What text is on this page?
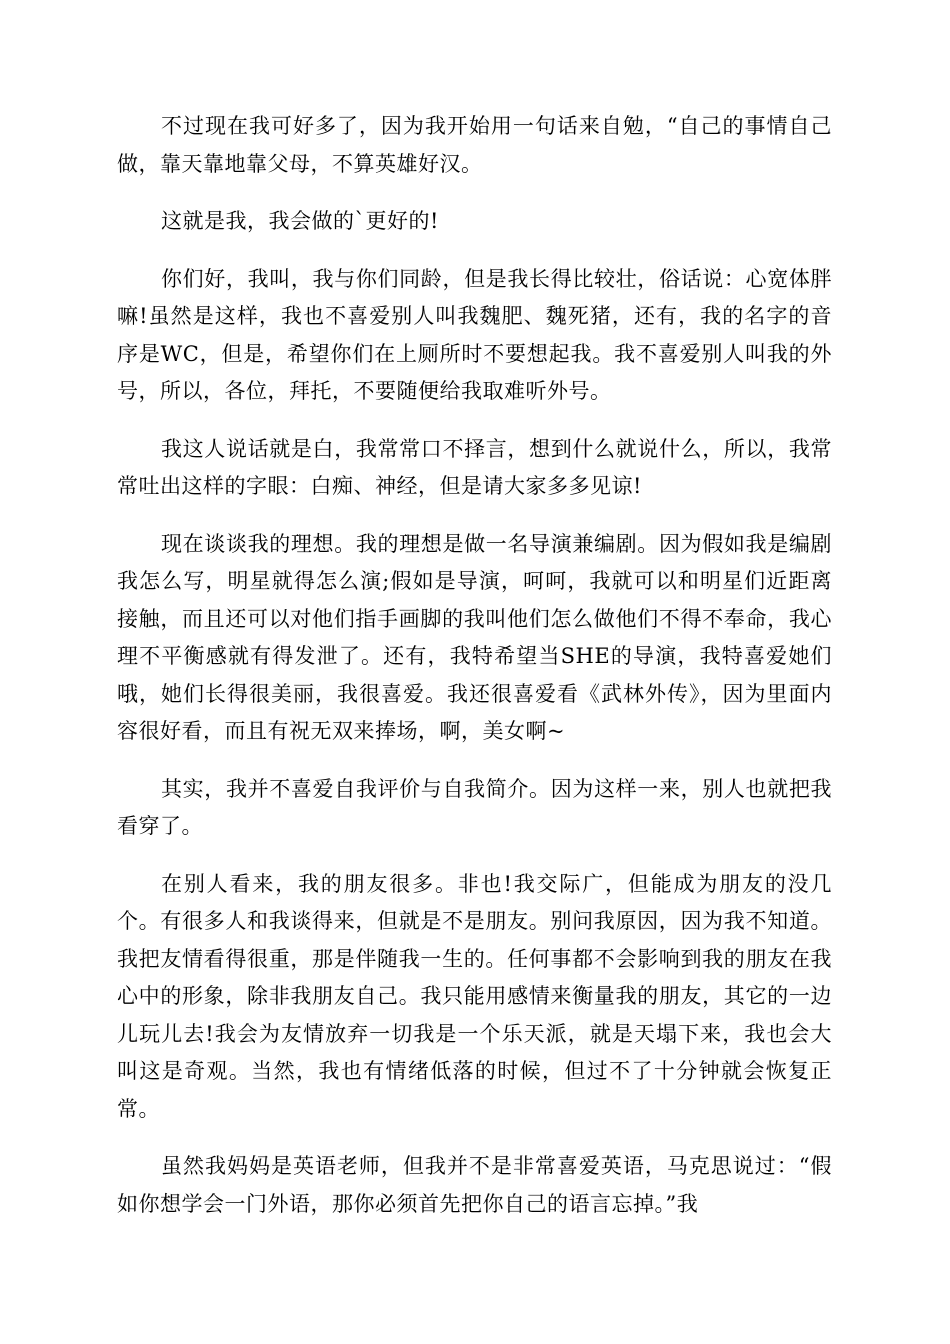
不过现在我可好多了，因为我开始用一句话来自勉，“自己的事情自己做，靠天靠地靠父母，不算英雄好汉。

这就是我，我会做的`更好的!

你们好，我叫，我与你们同龄，但是我长得比较壮，俗话说：心宽体胖嘛!虽然是这样，我也不喜爱别人叫我魏肥、魏死猪，还有，我的名字的音序是WC，但是，希望你们在上厕所时不要想起我。我不喜爱别人叫我的外号，所以，各位，拜托，不要随便给我取难听外号。

我这人说话就是白，我常常口不择言，想到什么就说什么，所以，我常常吐出这样的字眼：白痴、神经，但是请大家多多见谅!

现在谈谈我的理想。我的理想是做一名导演兼编剧。因为假如我是编剧我怎么写，明星就得怎么演;假如是导演，呵呵，我就可以和明星们近距离接触，而且还可以对他们指手画脚的我叫他们怎么做他们不得不奉命，我心理不平衡感就有得发泄了。还有，我特希望当SHE的导演，我特喜爱她们哦，她们长得很美丽，我很喜爱。我还很喜爱看《武林外传》，因为里面内容很好看，而且有祝无双来捧场，啊，美女啊~

其实，我并不喜爱自我评价与自我简介。因为这样一来，别人也就把我看穿了。

在别人看来，我的朋友很多。非也!我交际广，但能成为朋友的没几个。有很多人和我谈得来，但就是不是朋友。别问我原因，因为我不知道。我把友情看得很重，那是伴随我一生的。任何事都不会影响到我的朋友在我心中的形象，除非我朋友自己。我只能用感情来衡量我的朋友，其它的一边儿玩儿去!我会为友情放弃一切我是一个乐天派，就是天塌下来，我也会大叫这是奇观。当然，我也有情绪低落的时候，但过不了十分钟就会恢复正常。

虽然我妈妈是英语老师，但我并不是非常喜爱英语，马克思说过：“假如你想学会一门外语，那你必须首先把你自己的语言忘掉。”我
